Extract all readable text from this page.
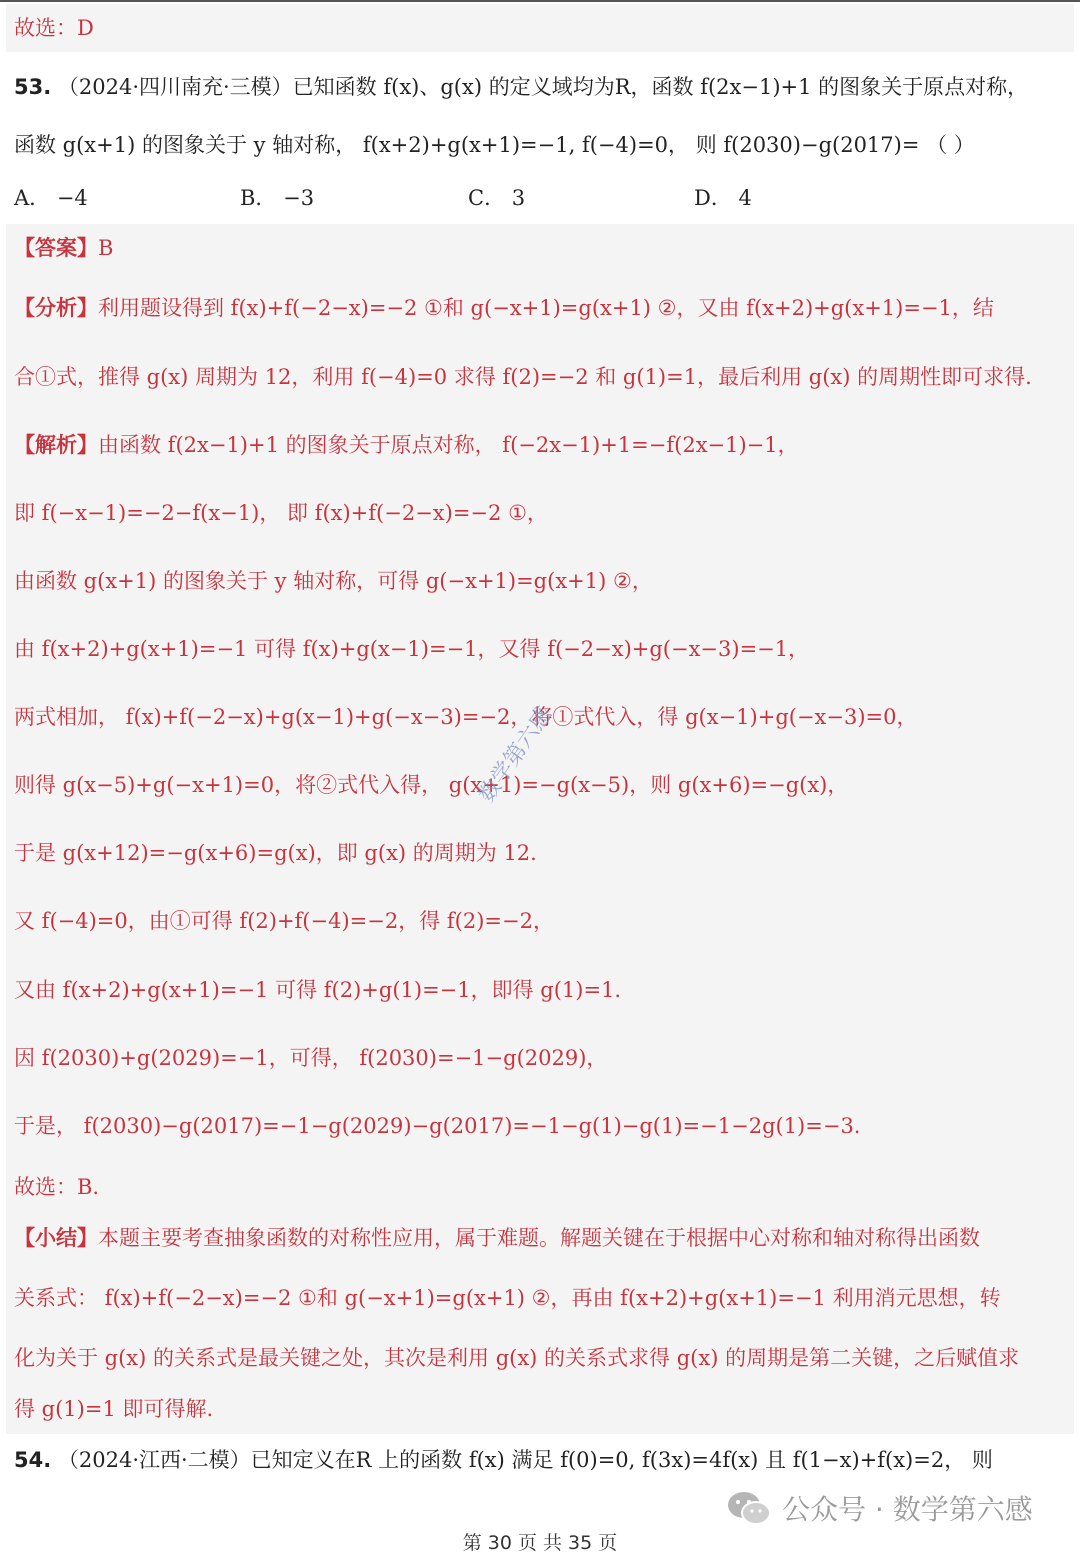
故选：D
53. （2024·四川南充·三模）已知函数 f(x)、g(x) 的定义域均为R，函数 f(2x−1)+1 的图象关于原点对称，
函数 g(x+1) 的图象关于 y 轴对称， f(x+2)+g(x+1)=−1, f(−4)=0， 则 f(2030)−g(2017)= （ ）
A． −4	B． −3	C． 3	D． 4
【答案】B
【分析】利用题设得到 f(x)+f(−2−x)=−2 ①和 g(−x+1)=g(x+1) ②，又由 f(x+2)+g(x+1)=−1，结
合①式，推得 g(x) 周期为 12，利用 f(−4)=0 求得 f(2)=−2 和 g(1)=1，最后利用 g(x) 的周期性即可求得.
【解析】由函数 f(2x−1)+1 的图象关于原点对称， f(−2x−1)+1=−f(2x−1)−1，
即 f(−x−1)=−2−f(x−1)， 即 f(x)+f(−2−x)=−2 ①，
由函数 g(x+1) 的图象关于 y 轴对称，可得 g(−x+1)=g(x+1) ②，
由 f(x+2)+g(x+1)=−1 可得 f(x)+g(x−1)=−1，又得 f(−2−x)+g(−x−3)=−1，
两式相加， f(x)+f(−2−x)+g(x−1)+g(−x−3)=−2，将①式代入，得 g(x−1)+g(−x−3)=0，
则得 g(x−5)+g(−x+1)=0，将②式代入得， g(x+1)=−g(x−5)，则 g(x+6)=−g(x)，
于是 g(x+12)=−g(x+6)=g(x)，即 g(x) 的周期为 12.
又 f(−4)=0，由①可得 f(2)+f(−4)=−2，得 f(2)=−2，
又由 f(x+2)+g(x+1)=−1 可得 f(2)+g(1)=−1，即得 g(1)=1.
因 f(2030)+g(2029)=−1，可得， f(2030)=−1−g(2029)，
于是， f(2030)−g(2017)=−1−g(2029)−g(2017)=−1−g(1)−g(1)=−1−2g(1)=−3.
故选：B.
【小结】本题主要考查抽象函数的对称性应用，属于难题。解题关键在于根据中心对称和轴对称得出函数
关系式： f(x)+f(−2−x)=−2 ①和 g(−x+1)=g(x+1) ②，再由 f(x+2)+g(x+1)=−1 利用消元思想，转
化为关于 g(x) 的关系式是最关键之处，其次是利用 g(x) 的关系式求得 g(x) 的周期是第二关键，之后赋值求
得 g(1)=1 即可得解.
54. （2024·江西·二模）已知定义在R 上的函数 f(x) 满足 f(0)=0, f(3x)=4f(x) 且 f(1−x)+f(x)=2， 则
数学第六感
公众号 · 数学第六感
第 30 页 共 35 页
